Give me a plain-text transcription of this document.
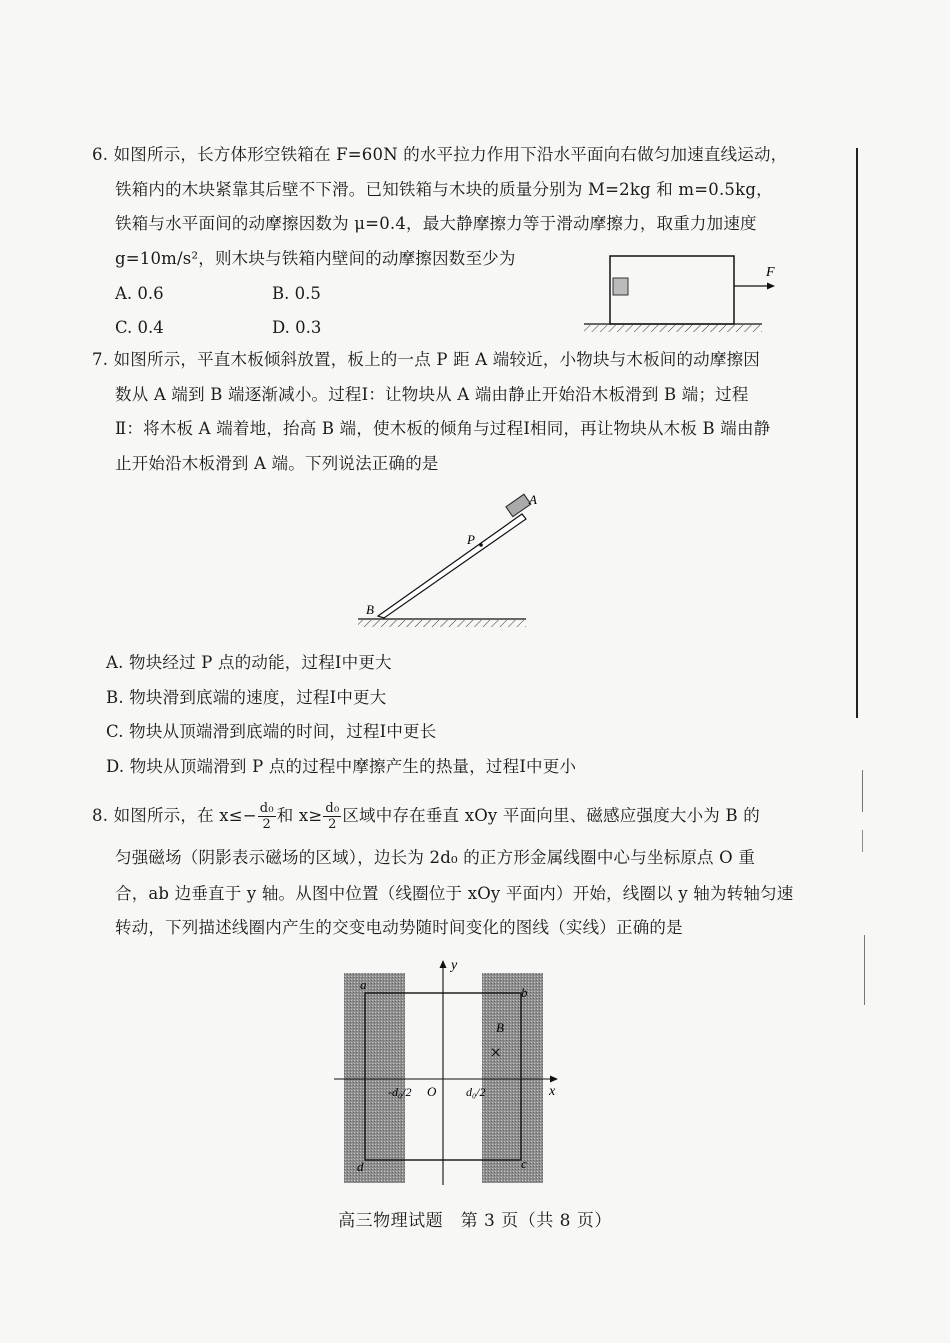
6. 如图所示，长方体形空铁箱在 F=60N 的水平拉力作用下沿水平面向右做匀加速直线运动，
铁箱内的木块紧靠其后壁不下滑。已知铁箱与木块的质量分别为 M=2kg 和 m=0.5kg，
铁箱与水平面间的动摩擦因数为 μ=0.4，最大静摩擦力等于滑动摩擦力，取重力加速度
g=10m/s²，则木块与铁箱内壁间的动摩擦因数至少为
A. 0.6	B. 0.5
C. 0.4	D. 0.3
F
7. 如图所示，平直木板倾斜放置，板上的一点 P 距 A 端较近，小物块与木板间的动摩擦因
数从 A 端到 B 端逐渐减小。过程Ⅰ：让物块从 A 端由静止开始沿木板滑到 B 端；过程
Ⅱ：将木板 A 端着地，抬高 B 端，使木板的倾角与过程Ⅰ相同，再让物块从木板 B 端由静
止开始沿木板滑到 A 端。下列说法正确的是
P
A
B
A. 物块经过 P 点的动能，过程Ⅰ中更大
B. 物块滑到底端的速度，过程Ⅰ中更大
C. 物块从顶端滑到底端的时间，过程Ⅰ中更长
D. 物块从顶端滑到 P 点的过程中摩擦产生的热量，过程Ⅰ中更小
8. 如图所示，在 $x\le- \frac{\text{d₀}}{2}$ 和 $x\ge \frac{\text{d₀}}{2}$ 区域中存在垂直 xOy 平面向里、磁感应强度大小为 B 的
匀强磁场（阴影表示磁场的区域），边长为 2d₀ 的正方形金属线圈中心与坐标原点 O 重
合，ab 边垂直于 y 轴。从图中位置（线圈位于 xOy 平面内）开始，线圈以 y 轴为转轴匀速
转动，下列描述线圈内产生的交变电动势随时间变化的图线（实线）正确的是
y
x
O
-d₀/2	d₀/2
a
b
c
d
B
×
高三物理试题　第 3 页（共 8 页）
